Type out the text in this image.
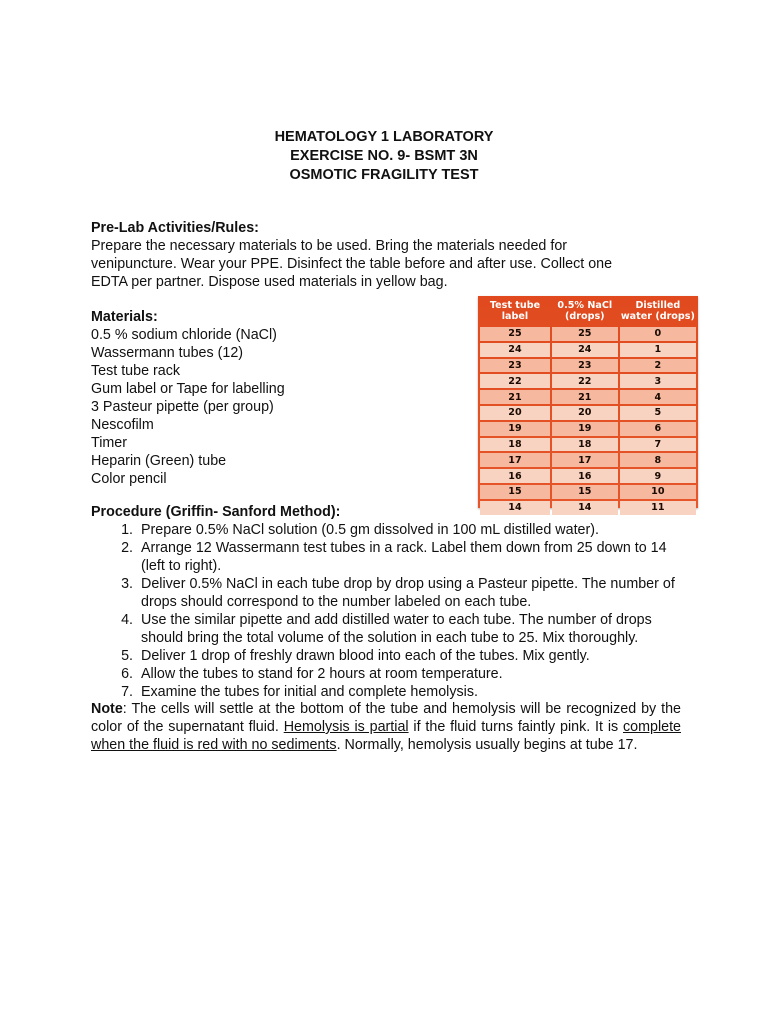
HEMATOLOGY 1 LABORATORY
EXERCISE NO. 9- BSMT 3N
OSMOTIC FRAGILITY TEST
Pre-Lab Activities/Rules:
Prepare the necessary materials to be used. Bring the materials needed for venipuncture. Wear your PPE. Disinfect the table before and after use. Collect one EDTA per partner. Dispose used materials in yellow bag.
Materials:
0.5 % sodium chloride (NaCl)
Wassermann tubes (12)
Test tube rack
Gum label or Tape for labelling
3 Pasteur pipette (per group)
Nescofilm
Timer
Heparin (Green) tube
Color pencil
Test tube label	0.5% NaCl (drops)	Distilled water (drops)
25	25	0
24	24	1
23	23	2
22	22	3
21	21	4
20	20	5
19	19	6
18	18	7
17	17	8
16	16	9
15	15	10
14	14	11
Procedure (Griffin- Sanford Method):
1. Prepare 0.5% NaCl solution (0.5 gm dissolved in 100 mL distilled water).
2. Arrange 12 Wassermann test tubes in a rack. Label them down from 25 down to 14 (left to right).
3. Deliver 0.5% NaCl in each tube drop by drop using a Pasteur pipette. The number of drops should correspond to the number labeled on each tube.
4. Use the similar pipette and add distilled water to each tube. The number of drops should bring the total volume of the solution in each tube to 25. Mix thoroughly.
5. Deliver 1 drop of freshly drawn blood into each of the tubes. Mix gently.
6. Allow the tubes to stand for 2 hours at room temperature.
7. Examine the tubes for initial and complete hemolysis.
Note: The cells will settle at the bottom of the tube and hemolysis will be recognized by the color of the supernatant fluid. Hemolysis is partial if the fluid turns faintly pink. It is complete when the fluid is red with no sediments. Normally, hemolysis usually begins at tube 17.
